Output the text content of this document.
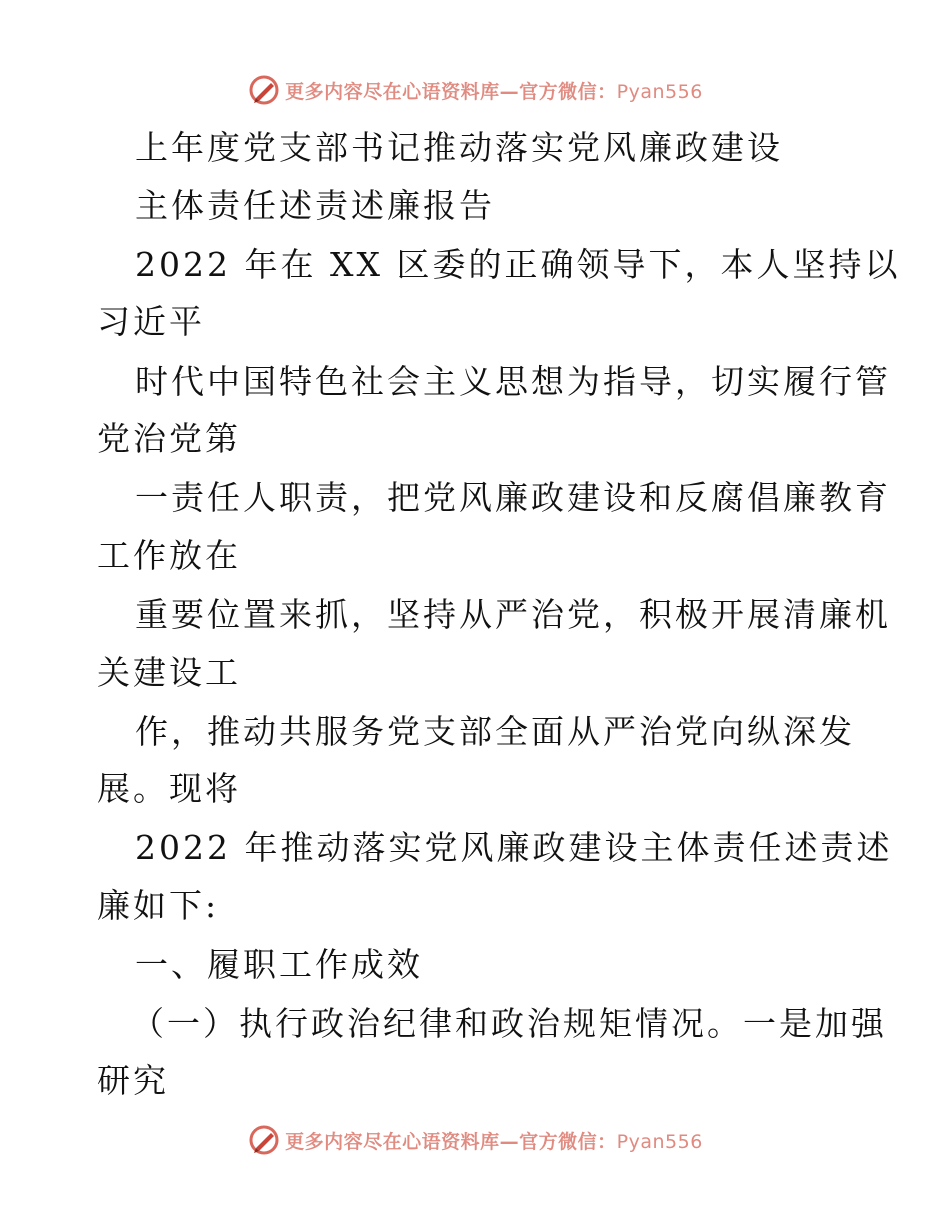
更多内容尽在心语资料库—官方微信：Pyan556
上年度党支部书记推动落实党风廉政建设
主体责任述责述廉报告
2022 年在 XX 区委的正确领导下，本人坚持以
习近平
时代中国特色社会主义思想为指导，切实履行管
党治党第
一责任人职责，把党风廉政建设和反腐倡廉教育
工作放在
重要位置来抓，坚持从严治党，积极开展清廉机
关建设工
作，推动共服务党支部全面从严治党向纵深发
展。现将
2022 年推动落实党风廉政建设主体责任述责述
廉如下:
一、履职工作成效
（一）执行政治纪律和政治规矩情况。一是加强
研究
更多内容尽在心语资料库—官方微信：Pyan556
